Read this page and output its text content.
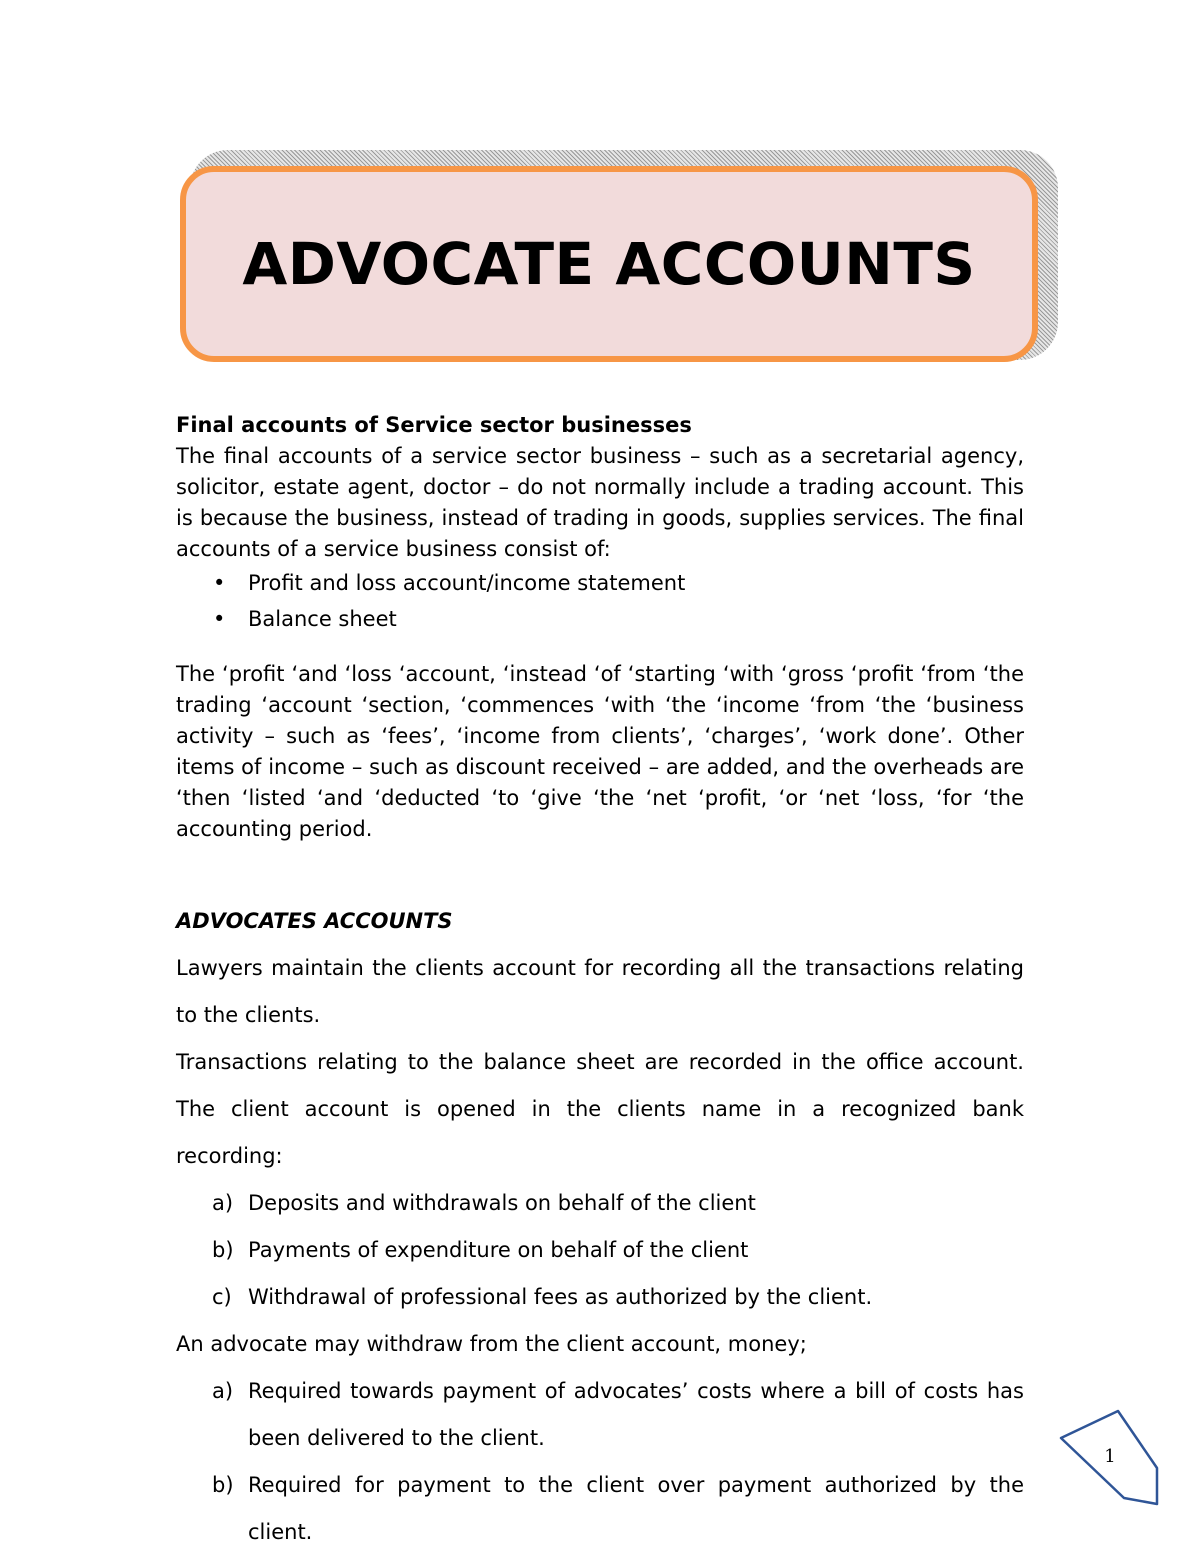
ADVOCATE ACCOUNTS

Final accounts of Service sector businesses

The final accounts of a service sector business – such as a secretarial agency, solicitor, estate agent, doctor – do not normally include a trading account. This is because the business, instead of trading in goods, supplies services. The final accounts of a service business consist of:

• Profit and loss account/income statement
• Balance sheet

The ‘profit ‘and ‘loss ‘account, ‘instead ‘of ‘starting ‘with ‘gross ‘profit ‘from ‘the trading ‘account ‘section, ‘commences ‘with ‘the ‘income ‘from ‘the ‘business activity – such as ‘fees’, ‘income from clients’, ‘charges’, ‘work done’. Other items of income – such as discount received – are added, and the overheads are ‘then ‘listed ‘and ‘deducted ‘to ‘give ‘the ‘net ‘profit, ‘or ‘net ‘loss, ‘for ‘the accounting period.

ADVOCATES ACCOUNTS

Lawyers maintain the clients account for recording all the transactions relating to the clients.

Transactions relating to the balance sheet are recorded in the office account. The client account is opened in the clients name in a recognized bank recording:

a) Deposits and withdrawals on behalf of the client
b) Payments of expenditure on behalf of the client
c) Withdrawal of professional fees as authorized by the client.

An advocate may withdraw from the client account, money;

a) Required towards payment of advocates’ costs where a bill of costs has been delivered to the client.
b) Required for payment to the client over payment authorized by the client.
1
